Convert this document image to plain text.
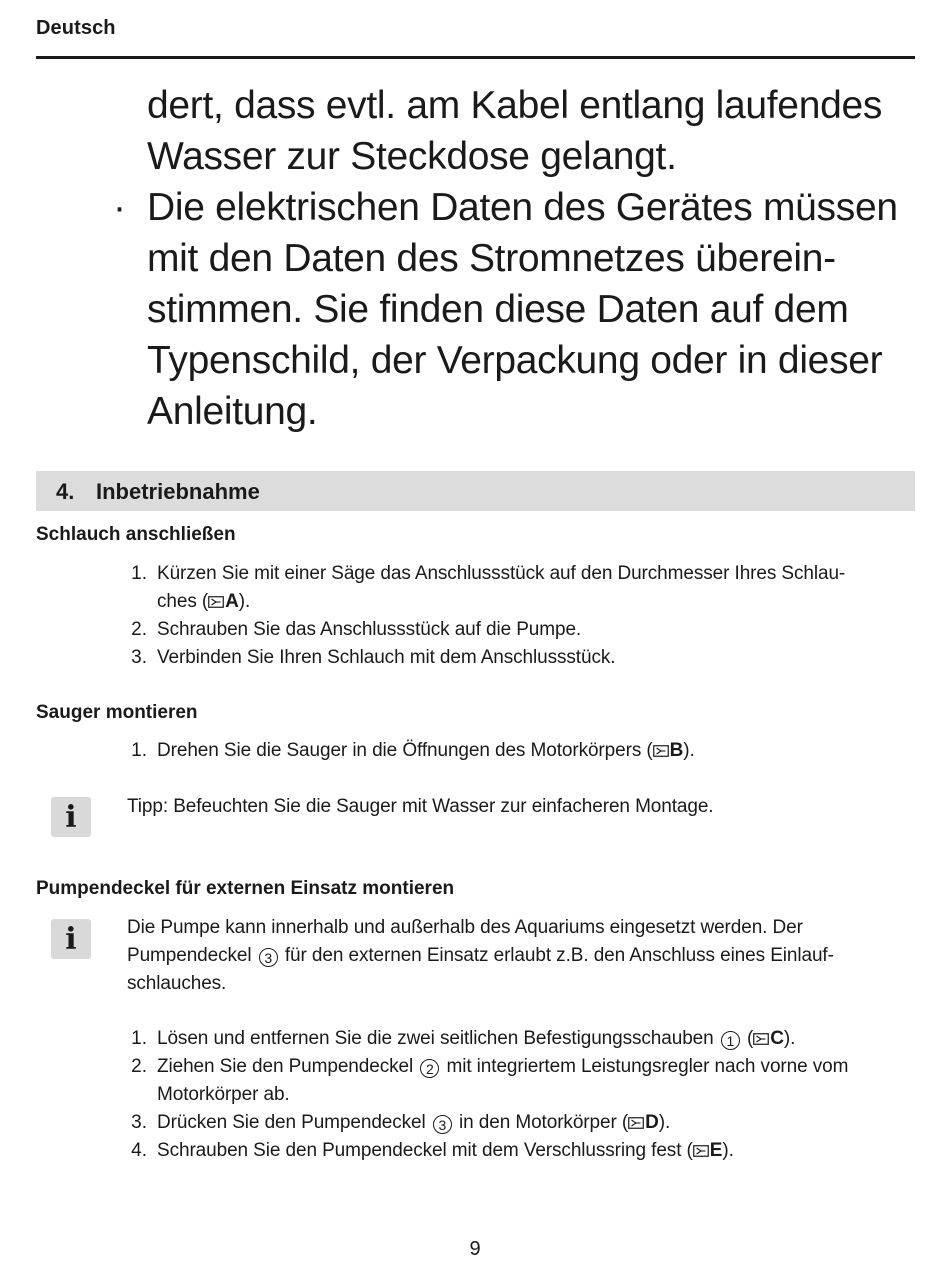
Deutsch
dert, dass evtl. am Kabel entlang laufendes
Wasser zur Steckdose gelangt.
· Die elektrischen Daten des Gerätes müssen
mit den Daten des Stromnetzes überein-
stimmen. Sie finden diese Daten auf dem
Typenschild, der Verpackung oder in dieser
Anleitung.
4. Inbetriebnahme
Schlauch anschließen
1. Kürzen Sie mit einer Säge das Anschlussstück auf den Durchmesser Ihres Schlau-
ches ( A).
2. Schrauben Sie das Anschlussstück auf die Pumpe.
3. Verbinden Sie Ihren Schlauch mit dem Anschlussstück.
Sauger montieren
1. Drehen Sie die Sauger in die Öffnungen des Motorkörpers ( B).
i	Tipp: Befeuchten Sie die Sauger mit Wasser zur einfacheren Montage.
Pumpendeckel für externen Einsatz montieren
i	Die Pumpe kann innerhalb und außerhalb des Aquariums eingesetzt werden. Der
Pumpendeckel 3 für den externen Einsatz erlaubt z.B. den Anschluss eines Einlauf-
schlauches.
1. Lösen und entfernen Sie die zwei seitlichen Befestigungsschauben 1 ( C).
2. Ziehen Sie den Pumpendeckel 2 mit integriertem Leistungsregler nach vorne vom
Motorkörper ab.
3. Drücken Sie den Pumpendeckel 3 in den Motorkörper ( D).
4. Schrauben Sie den Pumpendeckel mit dem Verschlussring fest ( E).
9
